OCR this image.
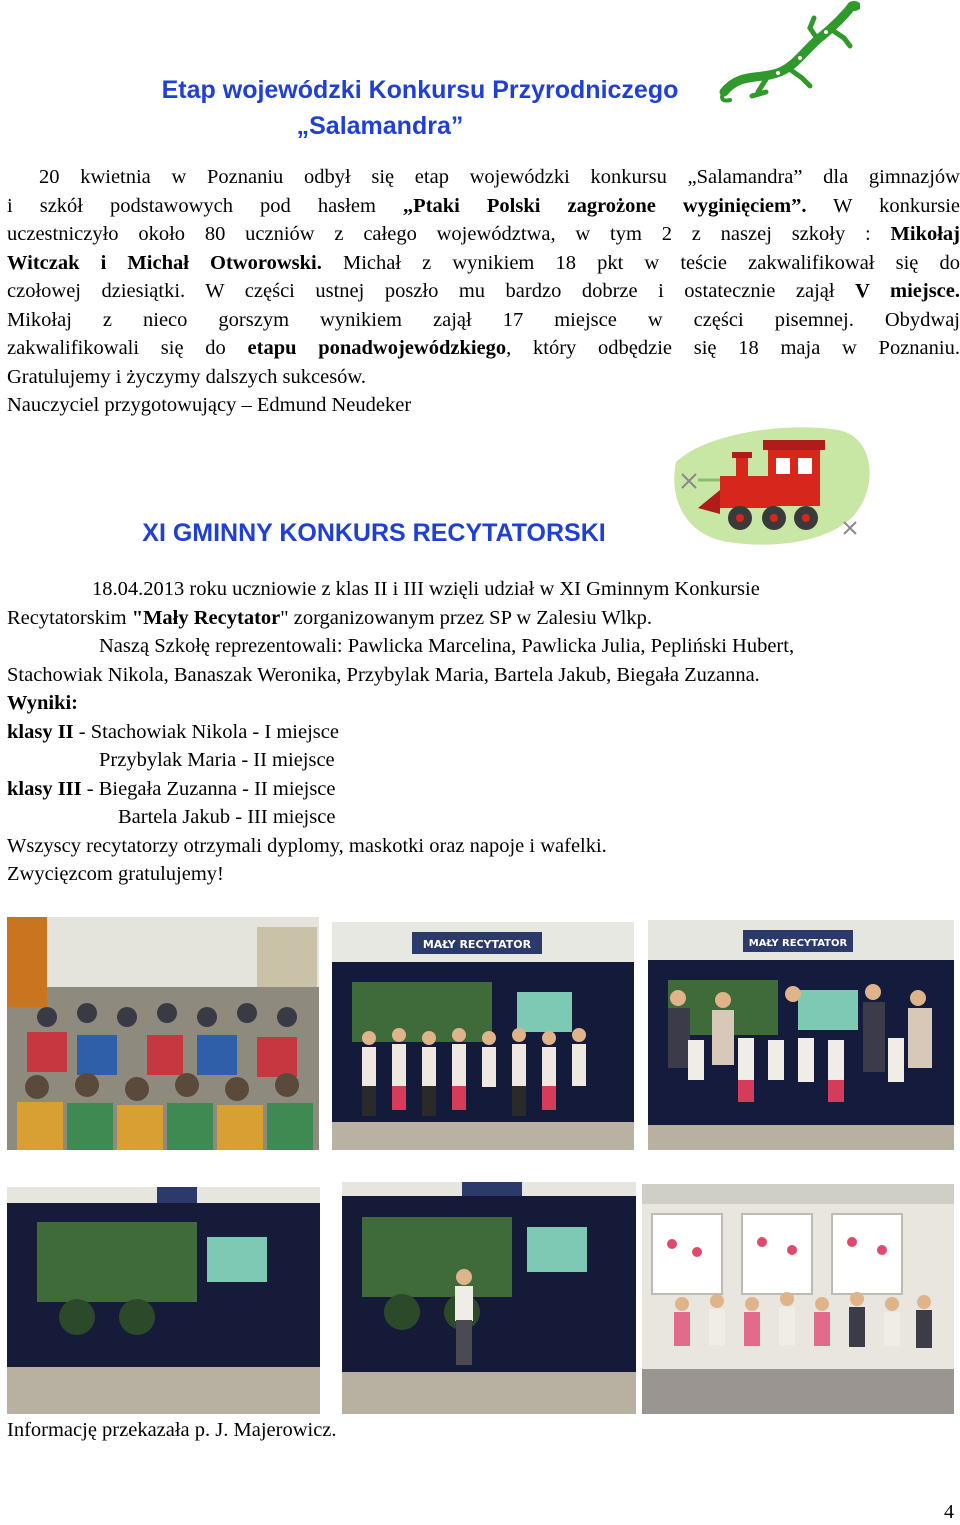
Etap wojewódzki Konkursu Przyrodniczego
„Salamandra”
20 kwietnia w Poznaniu odbył się etap wojewódzki konkursu „Salamandra” dla gimnazjów
i szkół podstawowych pod hasłem „Ptaki Polski zagrożone wyginięciem”. W konkursie
uczestniczyło około 80 uczniów z całego województwa, w tym 2 z naszej szkoły : Mikołaj
Witczak i Michał Otworowski. Michał z wynikiem 18 pkt w teście zakwalifikował się do
czołowej dziesiątki. W części ustnej poszło mu bardzo dobrze i ostatecznie zajął V miejsce.
Mikołaj z nieco gorszym wynikiem zajął 17 miejsce w części pisemnej. Obydwaj
zakwalifikowali się do etapu ponadwojewódzkiego, który odbędzie się 18 maja w Poznaniu.
Gratulujemy i życzymy dalszych sukcesów.
Nauczyciel przygotowujący – Edmund Neudeker
XI GMINNY KONKURS RECYTATORSKI
18.04.2013 roku uczniowie z klas II i III wzięli udział w XI Gminnym Konkursie
Recytatorskim "Mały Recytator" zorganizowanym przez SP w Zalesiu Wlkp.
Naszą Szkołę reprezentowali: Pawlicka Marcelina, Pawlicka Julia, Pepliński Hubert,
Stachowiak Nikola, Banaszak Weronika, Przybylak Maria, Bartela Jakub, Biegała Zuzanna.
Wyniki:
klasy II - Stachowiak Nikola - I miejsce
Przybylak Maria - II miejsce
klasy III - Biegała Zuzanna - II miejsce
Bartela Jakub - III miejsce
Wszyscy recytatorzy otrzymali dyplomy, maskotki oraz napoje i wafelki.
Zwycięzcom gratulujemy!
MAŁY RECYTATOR	MAŁY RECYTATOR
Informację przekazała p. J. Majerowicz.
4
